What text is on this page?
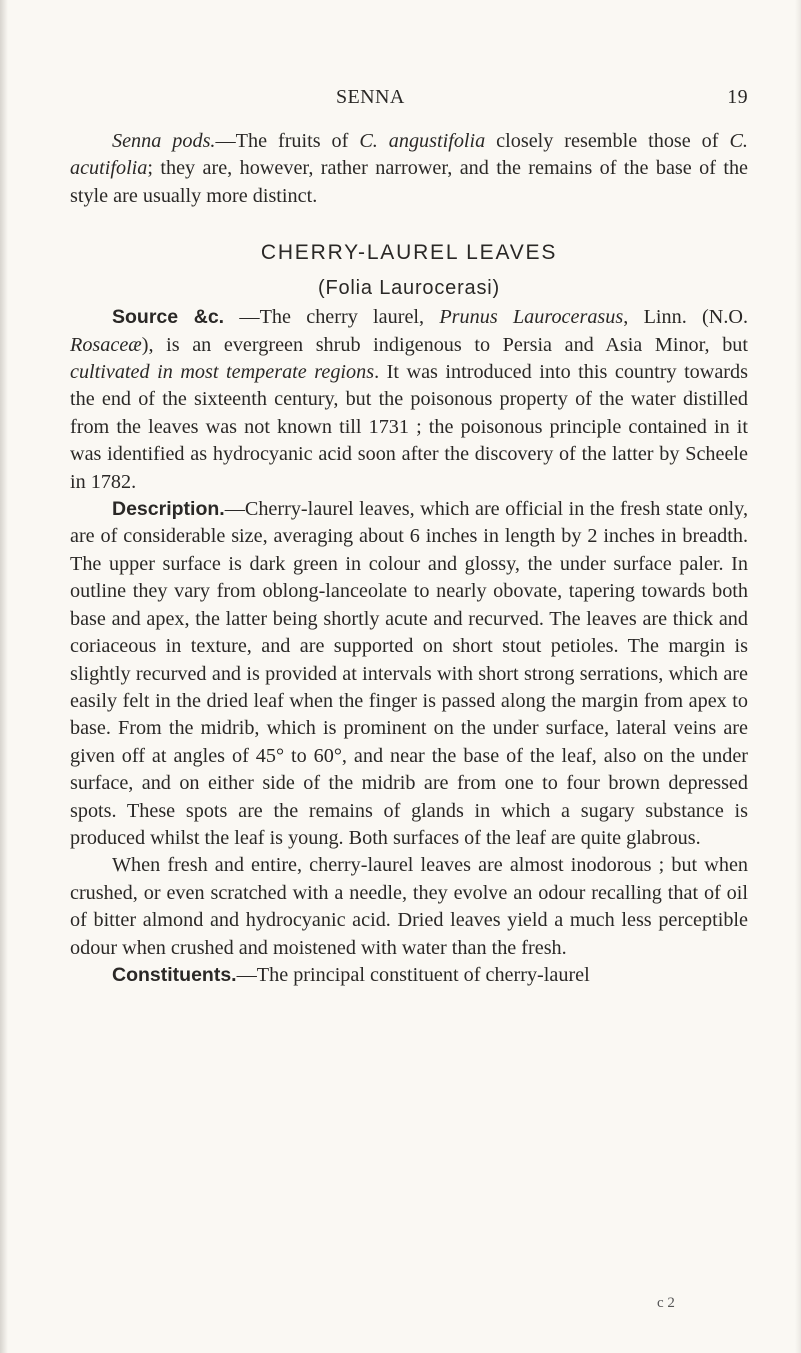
SENNA	19

Senna pods.—The fruits of C. angustifolia closely resemble those of C. acutifolia; they are, however, rather narrower, and the remains of the base of the style are usually more distinct.

CHERRY-LAUREL LEAVES
(Folia Laurocerasi)

Source &c. —The cherry laurel, Prunus Laurocerasus, Linn. (N.O. Rosaceæ), is an evergreen shrub indigenous to Persia and Asia Minor, but cultivated in most temperate regions. It was introduced into this country towards the end of the sixteenth century, but the poisonous property of the water distilled from the leaves was not known till 1731 ; the poisonous principle contained in it was identified as hydrocyanic acid soon after the discovery of the latter by Scheele in 1782.

Description.—Cherry-laurel leaves, which are official in the fresh state only, are of considerable size, averaging about 6 inches in length by 2 inches in breadth. The upper surface is dark green in colour and glossy, the under surface paler. In outline they vary from oblong-lanceolate to nearly obovate, tapering towards both base and apex, the latter being shortly acute and recurved. The leaves are thick and coriaceous in texture, and are supported on short stout petioles. The margin is slightly recurved and is provided at intervals with short strong serrations, which are easily felt in the dried leaf when the finger is passed along the margin from apex to base. From the midrib, which is prominent on the under surface, lateral veins are given off at angles of 45° to 60°, and near the base of the leaf, also on the under surface, and on either side of the midrib are from one to four brown depressed spots. These spots are the remains of glands in which a sugary substance is produced whilst the leaf is young. Both surfaces of the leaf are quite glabrous.

When fresh and entire, cherry-laurel leaves are almost inodorous ; but when crushed, or even scratched with a needle, they evolve an odour recalling that of oil of bitter almond and hydrocyanic acid. Dried leaves yield a much less perceptible odour when crushed and moistened with water than the fresh.

Constituents.—The principal constituent of cherry-laurel

c 2
